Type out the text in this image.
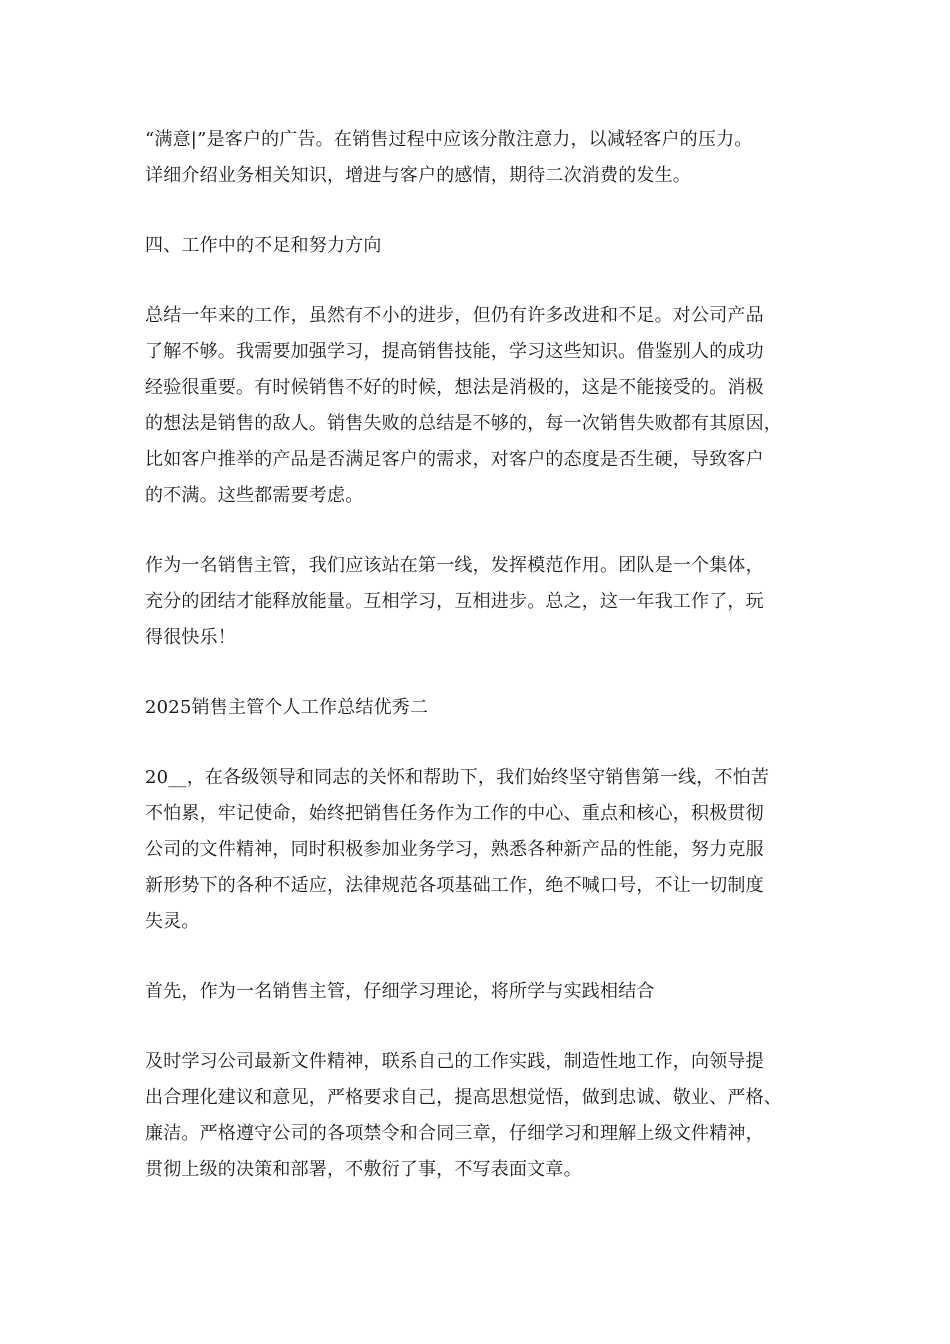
“满意|”是客户的广告。在销售过程中应该分散注意力，以减轻客户的压力。
详细介绍业务相关知识，增进与客户的感情，期待二次消费的发生。

四、工作中的不足和努力方向

总结一年来的工作，虽然有不小的进步，但仍有许多改进和不足。对公司产品
了解不够。我需要加强学习，提高销售技能，学习这些知识。借鉴别人的成功
经验很重要。有时候销售不好的时候，想法是消极的，这是不能接受的。消极
的想法是销售的敌人。销售失败的总结是不够的，每一次销售失败都有其原因，
比如客户推举的产品是否满足客户的需求，对客户的态度是否生硬，导致客户
的不满。这些都需要考虑。

作为一名销售主管，我们应该站在第一线，发挥模范作用。团队是一个集体，
充分的团结才能释放能量。互相学习，互相进步。总之，这一年我工作了，玩
得很快乐！

2025销售主管个人工作总结优秀二

20__，在各级领导和同志的关怀和帮助下，我们始终坚守销售第一线，不怕苦
不怕累，牢记使命，始终把销售任务作为工作的中心、重点和核心，积极贯彻
公司的文件精神，同时积极参加业务学习，熟悉各种新产品的性能，努力克服
新形势下的各种不适应，法律规范各项基础工作，绝不喊口号，不让一切制度
失灵。

首先，作为一名销售主管，仔细学习理论，将所学与实践相结合

及时学习公司最新文件精神，联系自己的工作实践，制造性地工作，向领导提
出合理化建议和意见，严格要求自己，提高思想觉悟，做到忠诚、敬业、严格、
廉洁。严格遵守公司的各项禁令和合同三章，仔细学习和理解上级文件精神，
贯彻上级的决策和部署，不敷衍了事，不写表面文章。
